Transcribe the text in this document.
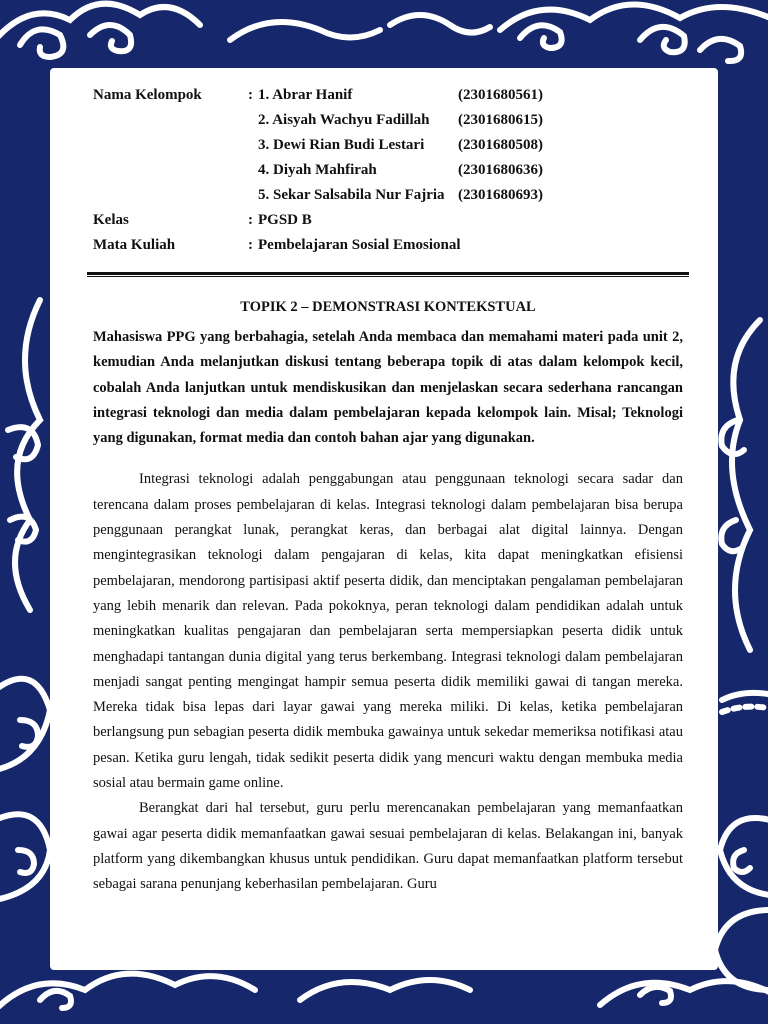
Nama Kelompok	: 1. Abrar Hanif	(2301680561)
2. Aisyah Wachyu Fadillah (2301680615)
3. Dewi Rian Budi Lestari (2301680508)
4. Diyah Mahfirah	(2301680636)
5. Sekar Salsabila Nur Fajria (2301680693)
Kelas	: PGSD B
Mata Kuliah	: Pembelajaran Sosial Emosional
TOPIK 2 – DEMONSTRASI KONTEKSTUAL
Mahasiswa PPG yang berbahagia, setelah Anda membaca dan memahami materi pada unit 2, kemudian Anda melanjutkan diskusi tentang beberapa topik di atas dalam kelompok kecil, cobalah Anda lanjutkan untuk mendiskusikan dan menjelaskan secara sederhana rancangan integrasi teknologi dan media dalam pembelajaran kepada kelompok lain. Misal; Teknologi yang digunakan, format media dan contoh bahan ajar yang digunakan.

Integrasi teknologi adalah penggabungan atau penggunaan teknologi secara sadar dan terencana dalam proses pembelajaran di kelas. Integrasi teknologi dalam pembelajaran bisa berupa penggunaan perangkat lunak, perangkat keras, dan berbagai alat digital lainnya. Dengan mengintegrasikan teknologi dalam pengajaran di kelas, kita dapat meningkatkan efisiensi pembelajaran, mendorong partisipasi aktif peserta didik, dan menciptakan pengalaman pembelajaran yang lebih menarik dan relevan. Pada pokoknya, peran teknologi dalam pendidikan adalah untuk meningkatkan kualitas pengajaran dan pembelajaran serta mempersiapkan peserta didik untuk menghadapi tantangan dunia digital yang terus berkembang. Integrasi teknologi dalam pembelajaran menjadi sangat penting mengingat hampir semua peserta didik memiliki gawai di tangan mereka. Mereka tidak bisa lepas dari layar gawai yang mereka miliki. Di kelas, ketika pembelajaran berlangsung pun sebagian peserta didik membuka gawainya untuk sekedar memeriksa notifikasi atau pesan. Ketika guru lengah, tidak sedikit peserta didik yang mencuri waktu dengan membuka media sosial atau bermain game online.

Berangkat dari hal tersebut, guru perlu merencanakan pembelajaran yang memanfaatkan gawai agar peserta didik memanfaatkan gawai sesuai pembelajaran di kelas. Belakangan ini, banyak platform yang dikembangkan khusus untuk pendidikan. Guru dapat memanfaatkan platform tersebut sebagai sarana penunjang keberhasilan pembelajaran. Guru
